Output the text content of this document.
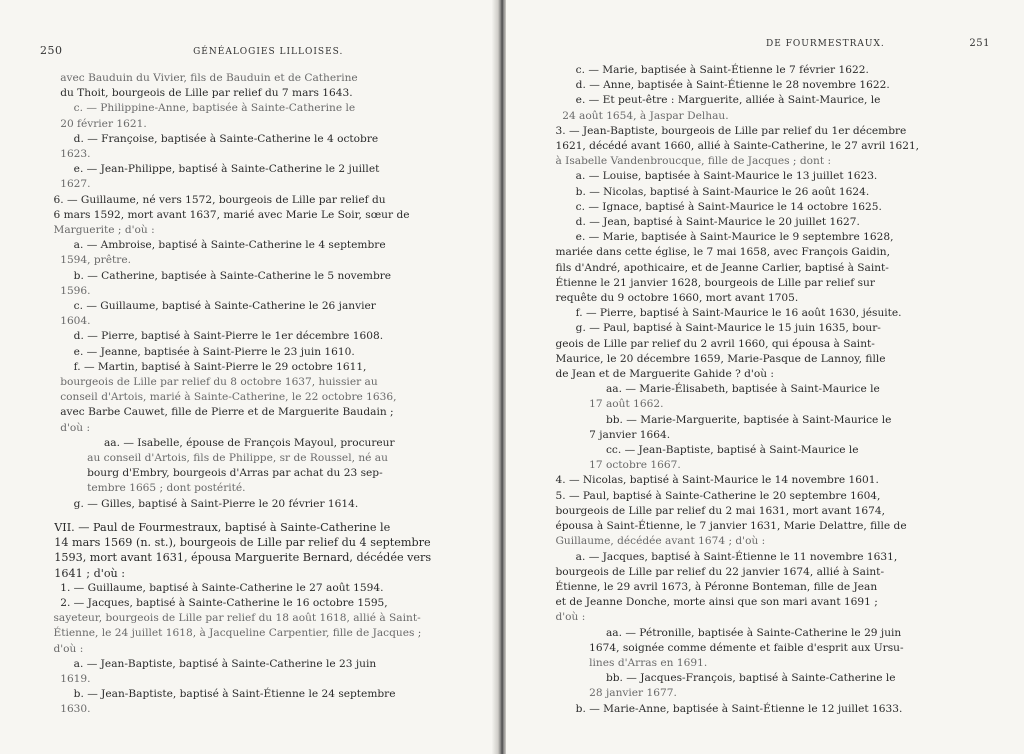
250	GÉNÉALOGIES LILLOISES.
avec Bauduin du Vivier, fils de Bauduin et de Catherine
du Thoit, bourgeois de Lille par relief du 7 mars 1643.
c. — Philippine-Anne, baptisée à Sainte-Catherine le
20 février 1621.
d. — Françoise, baptisée à Sainte-Catherine le 4 octobre
1623.
e. — Jean-Philippe, baptisé à Sainte-Catherine le 2 juillet
1627.
6. — Guillaume, né vers 1572, bourgeois de Lille par relief du
6 mars 1592, mort avant 1637, marié avec Marie Le Soir, sœur de
Marguerite ; d'où :
a. — Ambroise, baptisé à Sainte-Catherine le 4 septembre
1594, prêtre.
b. — Catherine, baptisée à Sainte-Catherine le 5 novembre
1596.
c. — Guillaume, baptisé à Sainte-Catherine le 26 janvier
1604.
d. — Pierre, baptisé à Saint-Pierre le 1er décembre 1608.
e. — Jeanne, baptisée à Saint-Pierre le 23 juin 1610.
f. — Martin, baptisé à Saint-Pierre le 29 octobre 1611,
bourgeois de Lille par relief du 8 octobre 1637, huissier au
conseil d'Artois, marié à Sainte-Catherine, le 22 octobre 1636,
avec Barbe Cauwet, fille de Pierre et de Marguerite Baudain ;
d'où :
aa. — Isabelle, épouse de François Mayoul, procureur
au conseil d'Artois, fils de Philippe, sr de Roussel, né au
bourg d'Embry, bourgeois d'Arras par achat du 23 sep-
tembre 1665 ; dont postérité.
g. — Gilles, baptisé à Saint-Pierre le 20 février 1614.
VII. — Paul de Fourmestraux, baptisé à Sainte-Catherine le
14 mars 1569 (n. st.), bourgeois de Lille par relief du 4 septembre
1593, mort avant 1631, épousa Marguerite Bernard, décédée vers
1641 ; d'où :
1. — Guillaume, baptisé à Sainte-Catherine le 27 août 1594.
2. — Jacques, baptisé à Sainte-Catherine le 16 octobre 1595,
sayeteur, bourgeois de Lille par relief du 18 août 1618, allié à Saint-
Étienne, le 24 juillet 1618, à Jacqueline Carpentier, fille de Jacques ;
d'où :
a. — Jean-Baptiste, baptisé à Sainte-Catherine le 23 juin
1619.
b. — Jean-Baptiste, baptisé à Saint-Étienne le 24 septembre
1630.
DE FOURMESTRAUX.	251
c. — Marie, baptisée à Saint-Étienne le 7 février 1622.
d. — Anne, baptisée à Saint-Étienne le 28 novembre 1622.
e. — Et peut-être : Marguerite, alliée à Saint-Maurice, le
24 août 1654, à Jaspar Delhau.
3. — Jean-Baptiste, bourgeois de Lille par relief du 1er décembre
1621, décédé avant 1660, allié à Sainte-Catherine, le 27 avril 1621,
à Isabelle Vandenbroucque, fille de Jacques ; dont :
a. — Louise, baptisée à Saint-Maurice le 13 juillet 1623.
b. — Nicolas, baptisé à Saint-Maurice le 26 août 1624.
c. — Ignace, baptisé à Saint-Maurice le 14 octobre 1625.
d. — Jean, baptisé à Saint-Maurice le 20 juillet 1627.
e. — Marie, baptisée à Saint-Maurice le 9 septembre 1628,
mariée dans cette église, le 7 mai 1658, avec François Gaidin,
fils d'André, apothicaire, et de Jeanne Carlier, baptisé à Saint-
Étienne le 21 janvier 1628, bourgeois de Lille par relief sur
requête du 9 octobre 1660, mort avant 1705.
f. — Pierre, baptisé à Saint-Maurice le 16 août 1630, jésuite.
g. — Paul, baptisé à Saint-Maurice le 15 juin 1635, bour-
geois de Lille par relief du 2 avril 1660, qui épousa à Saint-
Maurice, le 20 décembre 1659, Marie-Pasque de Lannoy, fille
de Jean et de Marguerite Gahide ? d'où :
aa. — Marie-Élisabeth, baptisée à Saint-Maurice le
17 août 1662.
bb. — Marie-Marguerite, baptisée à Saint-Maurice le
7 janvier 1664.
cc. — Jean-Baptiste, baptisé à Saint-Maurice le
17 octobre 1667.
4. — Nicolas, baptisé à Saint-Maurice le 14 novembre 1601.
5. — Paul, baptisé à Sainte-Catherine le 20 septembre 1604,
bourgeois de Lille par relief du 2 mai 1631, mort avant 1674,
épousa à Saint-Étienne, le 7 janvier 1631, Marie Delattre, fille de
Guillaume, décédée avant 1674 ; d'où :
a. — Jacques, baptisé à Saint-Étienne le 11 novembre 1631,
bourgeois de Lille par relief du 22 janvier 1674, allié à Saint-
Étienne, le 29 avril 1673, à Péronne Bonteman, fille de Jean
et de Jeanne Donche, morte ainsi que son mari avant 1691 ;
d'où :
aa. — Pétronille, baptisée à Sainte-Catherine le 29 juin
1674, soignée comme démente et faible d'esprit aux Ursu-
lines d'Arras en 1691.
bb. — Jacques-François, baptisé à Sainte-Catherine le
28 janvier 1677.
b. — Marie-Anne, baptisée à Saint-Étienne le 12 juillet 1633.
